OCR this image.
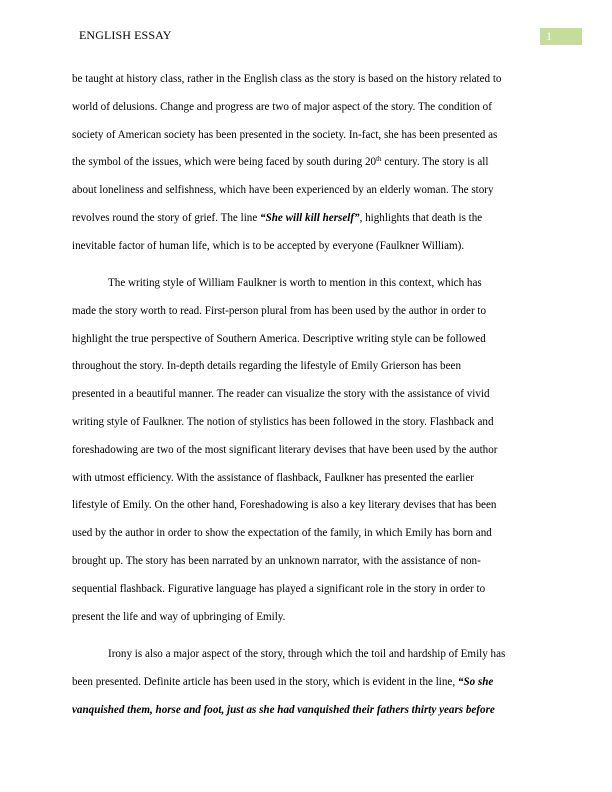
ENGLISH ESSAY	1
be taught at history class, rather in the English class as the story is based on the history related to
world of delusions. Change and progress are two of major aspect of the story. The condition of
society of American society has been presented in the society. In-fact, she has been presented as
the symbol of the issues, which were being faced by south during 20th century. The story is all
about loneliness and selfishness, which have been experienced by an elderly woman. The story
revolves round the story of grief. The line “She will kill herself”, highlights that death is the
inevitable factor of human life, which is to be accepted by everyone (Faulkner William).
The writing style of William Faulkner is worth to mention in this context, which has
made the story worth to read. First-person plural from has been used by the author in order to
highlight the true perspective of Southern America. Descriptive writing style can be followed
throughout the story. In-depth details regarding the lifestyle of Emily Grierson has been
presented in a beautiful manner. The reader can visualize the story with the assistance of vivid
writing style of Faulkner. The notion of stylistics has been followed in the story. Flashback and
foreshadowing are two of the most significant literary devises that have been used by the author
with utmost efficiency. With the assistance of flashback, Faulkner has presented the earlier
lifestyle of Emily. On the other hand, Foreshadowing is also a key literary devises that has been
used by the author in order to show the expectation of the family, in which Emily has born and
brought up. The story has been narrated by an unknown narrator, with the assistance of non-
sequential flashback. Figurative language has played a significant role in the story in order to
present the life and way of upbringing of Emily.
Irony is also a major aspect of the story, through which the toil and hardship of Emily has
been presented. Definite article has been used in the story, which is evident in the line, “So she
vanquished them, horse and foot, just as she had vanquished their fathers thirty years before
